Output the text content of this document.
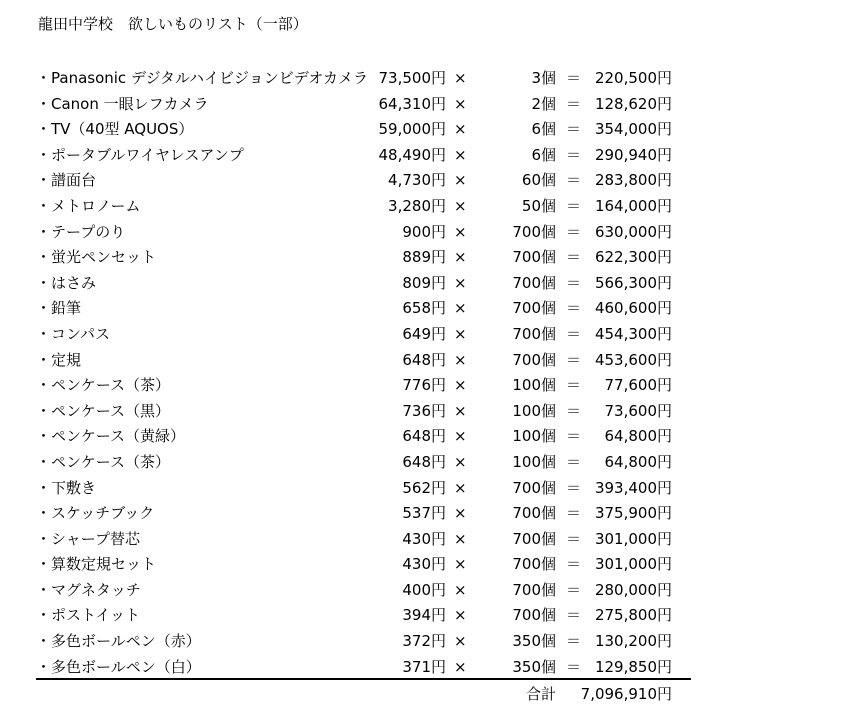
龍田中学校　欲しいものリスト（一部）
・Panasonic デジタルハイビジョンビデオカメラ 73,500円 ×	3個 ＝ 220,500円
・Canon 一眼レフカメラ	64,310円 ×	2個 ＝ 128,620円
・TV（40型 AQUOS）	59,000円 ×	6個 ＝ 354,000円
・ポータブルワイヤレスアンプ	48,490円 ×	6個 ＝ 290,940円
・譜面台	4,730円 ×	60個 ＝ 283,800円
・メトロノーム	3,280円 ×	50個 ＝ 164,000円
・テープのり	900円 ×	700個 ＝ 630,000円
・蛍光ペンセット	889円 ×	700個 ＝ 622,300円
・はさみ	809円 ×	700個 ＝ 566,300円
・鉛筆	658円 ×	700個 ＝ 460,600円
・コンパス	649円 ×	700個 ＝ 454,300円
・定規	648円 ×	700個 ＝ 453,600円
・ペンケース（茶）	776円 ×	100個 ＝	77,600円
・ペンケース（黒）	736円 ×	100個 ＝	73,600円
・ペンケース（黄緑）	648円 ×	100個 ＝	64,800円
・ペンケース（茶）	648円 ×	100個 ＝	64,800円
・下敷き	562円 ×	700個 ＝ 393,400円
・スケッチブック	537円 ×	700個 ＝ 375,900円
・シャープ替芯	430円 ×	700個 ＝ 301,000円
・算数定規セット	430円 ×	700個 ＝ 301,000円
・マグネタッチ	400円 ×	700個 ＝ 280,000円
・ポストイット	394円 ×	700個 ＝ 275,800円
・多色ボールペン（赤）	372円 ×	350個 ＝ 130,200円
・多色ボールペン（白）	371円 ×	350個 ＝ 129,850円
合計 7,096,910円
